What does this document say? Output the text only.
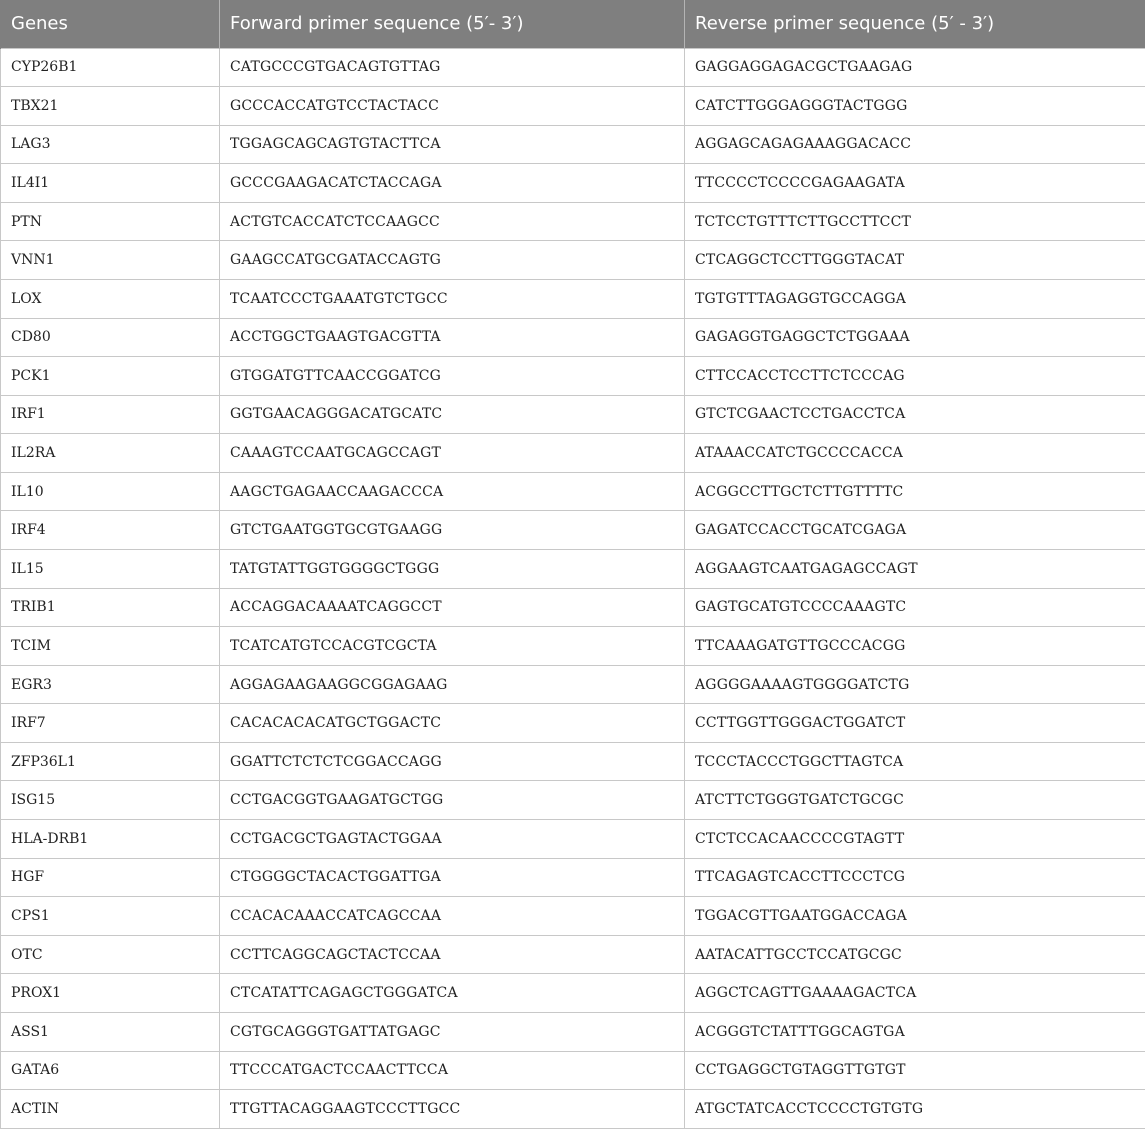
Genes	Forward primer sequence (5′- 3′)	Reverse primer sequence (5′ - 3′)
CYP26B1	CATGCCCGTGACAGTGTTAG	GAGGAGGAGACGCTGAAGAG
TBX21	GCCCACCATGTCCTACTACC	CATCTTGGGAGGGTACTGGG
LAG3	TGGAGCAGCAGTGTACTTCA	AGGAGCAGAGAAAGGACACC
IL4I1	GCCCGAAGACATCTACCAGA	TTCCCCTCCCCGAGAAGATA
PTN	ACTGTCACCATCTCCAAGCC	TCTCCTGTTTCTTGCCTTCCT
VNN1	GAAGCCATGCGATACCAGTG	CTCAGGCTCCTTGGGTACAT
LOX	TCAATCCCTGAAATGTCTGCC	TGTGTTTAGAGGTGCCAGGA
CD80	ACCTGGCTGAAGTGACGTTA	GAGAGGTGAGGCTCTGGAAA
PCK1	GTGGATGTTCAACCGGATCG	CTTCCACCTCCTTCTCCCAG
IRF1	GGTGAACAGGGACATGCATC	GTCTCGAACTCCTGACCTCA
IL2RA	CAAAGTCCAATGCAGCCAGT	ATAAACCATCTGCCCCACCA
IL10	AAGCTGAGAACCAAGACCCA	ACGGCCTTGCTCTTGTTTTC
IRF4	GTCTGAATGGTGCGTGAAGG	GAGATCCACCTGCATCGAGA
IL15	TATGTATTGGTGGGGCTGGG	AGGAAGTCAATGAGAGCCAGT
TRIB1	ACCAGGACAAAATCAGGCCT	GAGTGCATGTCCCCAAAGTC
TCIM	TCATCATGTCCACGTCGCTA	TTCAAAGATGTTGCCCACGG
EGR3	AGGAGAAGAAGGCGGAGAAG	AGGGGAAAAGTGGGGATCTG
IRF7	CACACACACATGCTGGACTC	CCTTGGTTGGGACTGGATCT
ZFP36L1	GGATTCTCTCTCGGACCAGG	TCCCTACCCTGGCTTAGTCA
ISG15	CCTGACGGTGAAGATGCTGG	ATCTTCTGGGTGATCTGCGC
HLA-DRB1	CCTGACGCTGAGTACTGGAA	CTCTCCACAACCCCGTAGTT
HGF	CTGGGGCTACACTGGATTGA	TTCAGAGTCACCTTCCCTCG
CPS1	CCACACAAACCATCAGCCAA	TGGACGTTGAATGGACCAGA
OTC	CCTTCAGGCAGCTACTCCAA	AATACATTGCCTCCATGCGC
PROX1	CTCATATTCAGAGCTGGGATCA	AGGCTCAGTTGAAAAGACTCA
ASS1	CGTGCAGGGTGATTATGAGC	ACGGGTCTATTTGGCAGTGA
GATA6	TTCCCATGACTCCAACTTCCA	CCTGAGGCTGTAGGTTGTGT
ACTIN	TTGTTACAGGAAGTCCCTTGCC	ATGCTATCACCTCCCCTGTGTG
